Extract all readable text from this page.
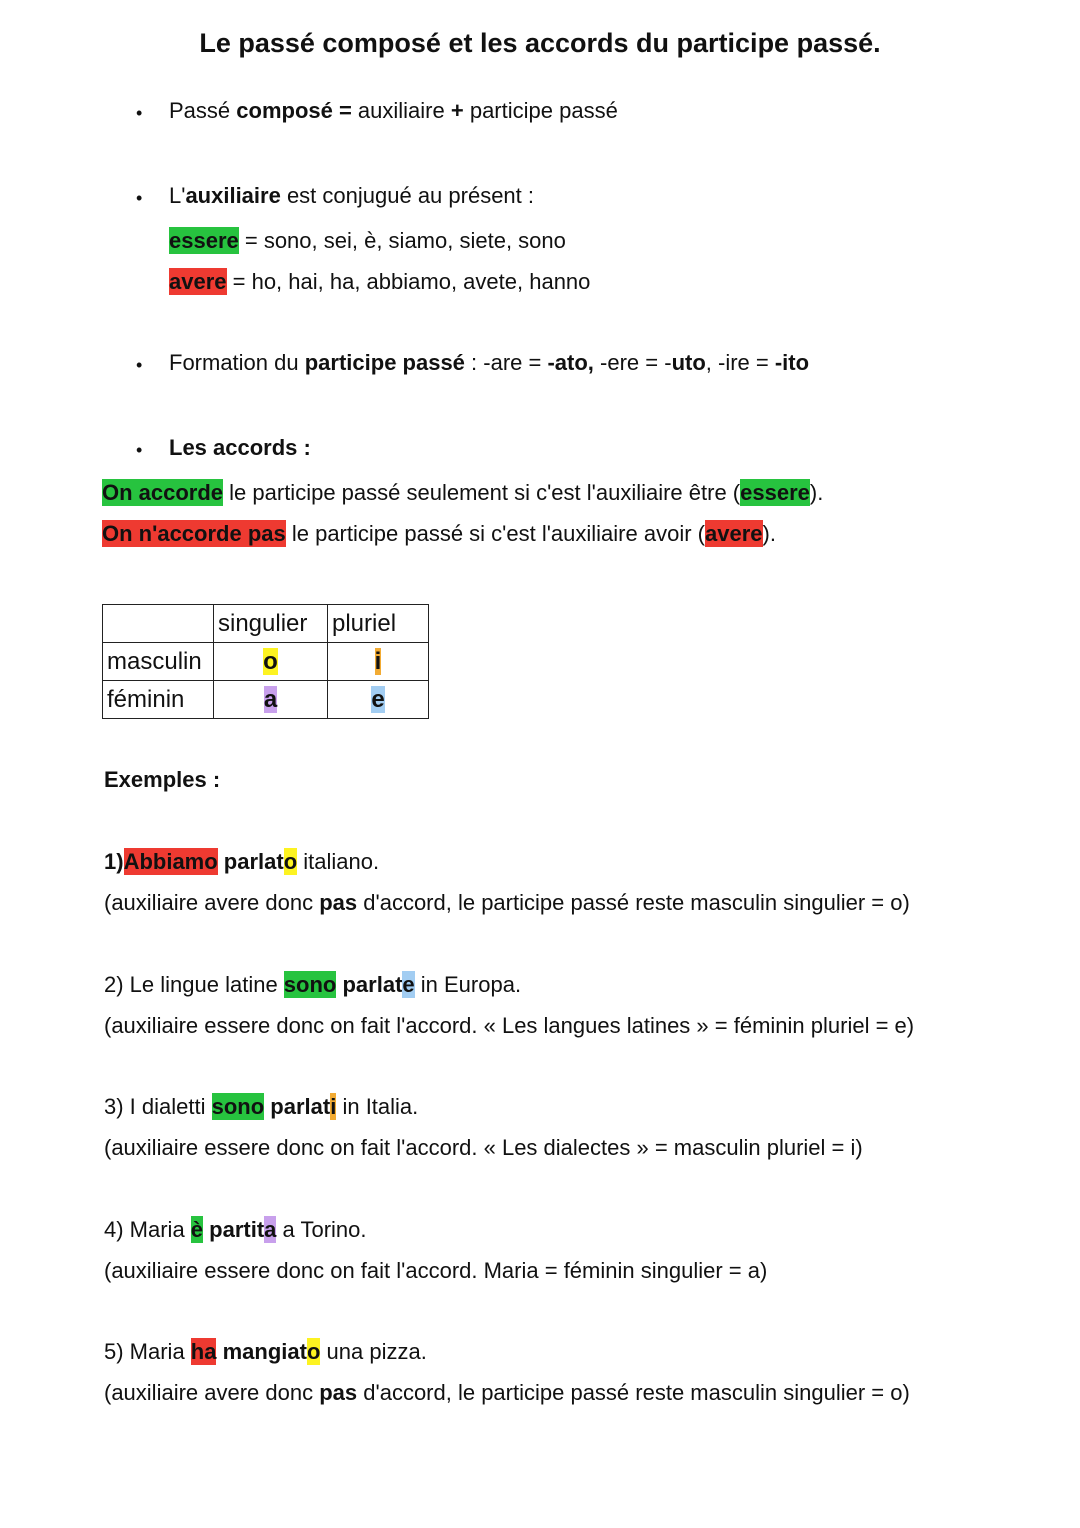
Le passé composé et les accords du participe passé.
• Passé composé = auxiliaire + participe passé
• L'auxiliaire est conjugué au présent :
essere = sono, sei, è, siamo, siete, sono
avere = ho, hai, ha, abbiamo, avete, hanno
• Formation du participe passé : -are = -ato, -ere = -uto, -ire = -ito
• Les accords :
On accorde le participe passé seulement si c'est l'auxiliaire être (essere).
On n'accorde pas le participe passé si c'est l'auxiliaire avoir (avere).
	singulier	pluriel
masculin	o	i
féminin	a	e
Exemples :
1)Abbiamo parlato italiano.
(auxiliaire avere donc pas d'accord, le participe passé reste masculin singulier = o)
2) Le lingue latine sono parlate in Europa.
(auxiliaire essere donc on fait l'accord. « Les langues latines » = féminin pluriel = e)
3) I dialetti sono parlati in Italia.
(auxiliaire essere donc on fait l'accord. « Les dialectes » = masculin pluriel = i)
4) Maria è partita a Torino.
(auxiliaire essere donc on fait l'accord. Maria = féminin singulier = a)
5) Maria ha mangiato una pizza.
(auxiliaire avere donc pas d'accord, le participe passé reste masculin singulier = o)
